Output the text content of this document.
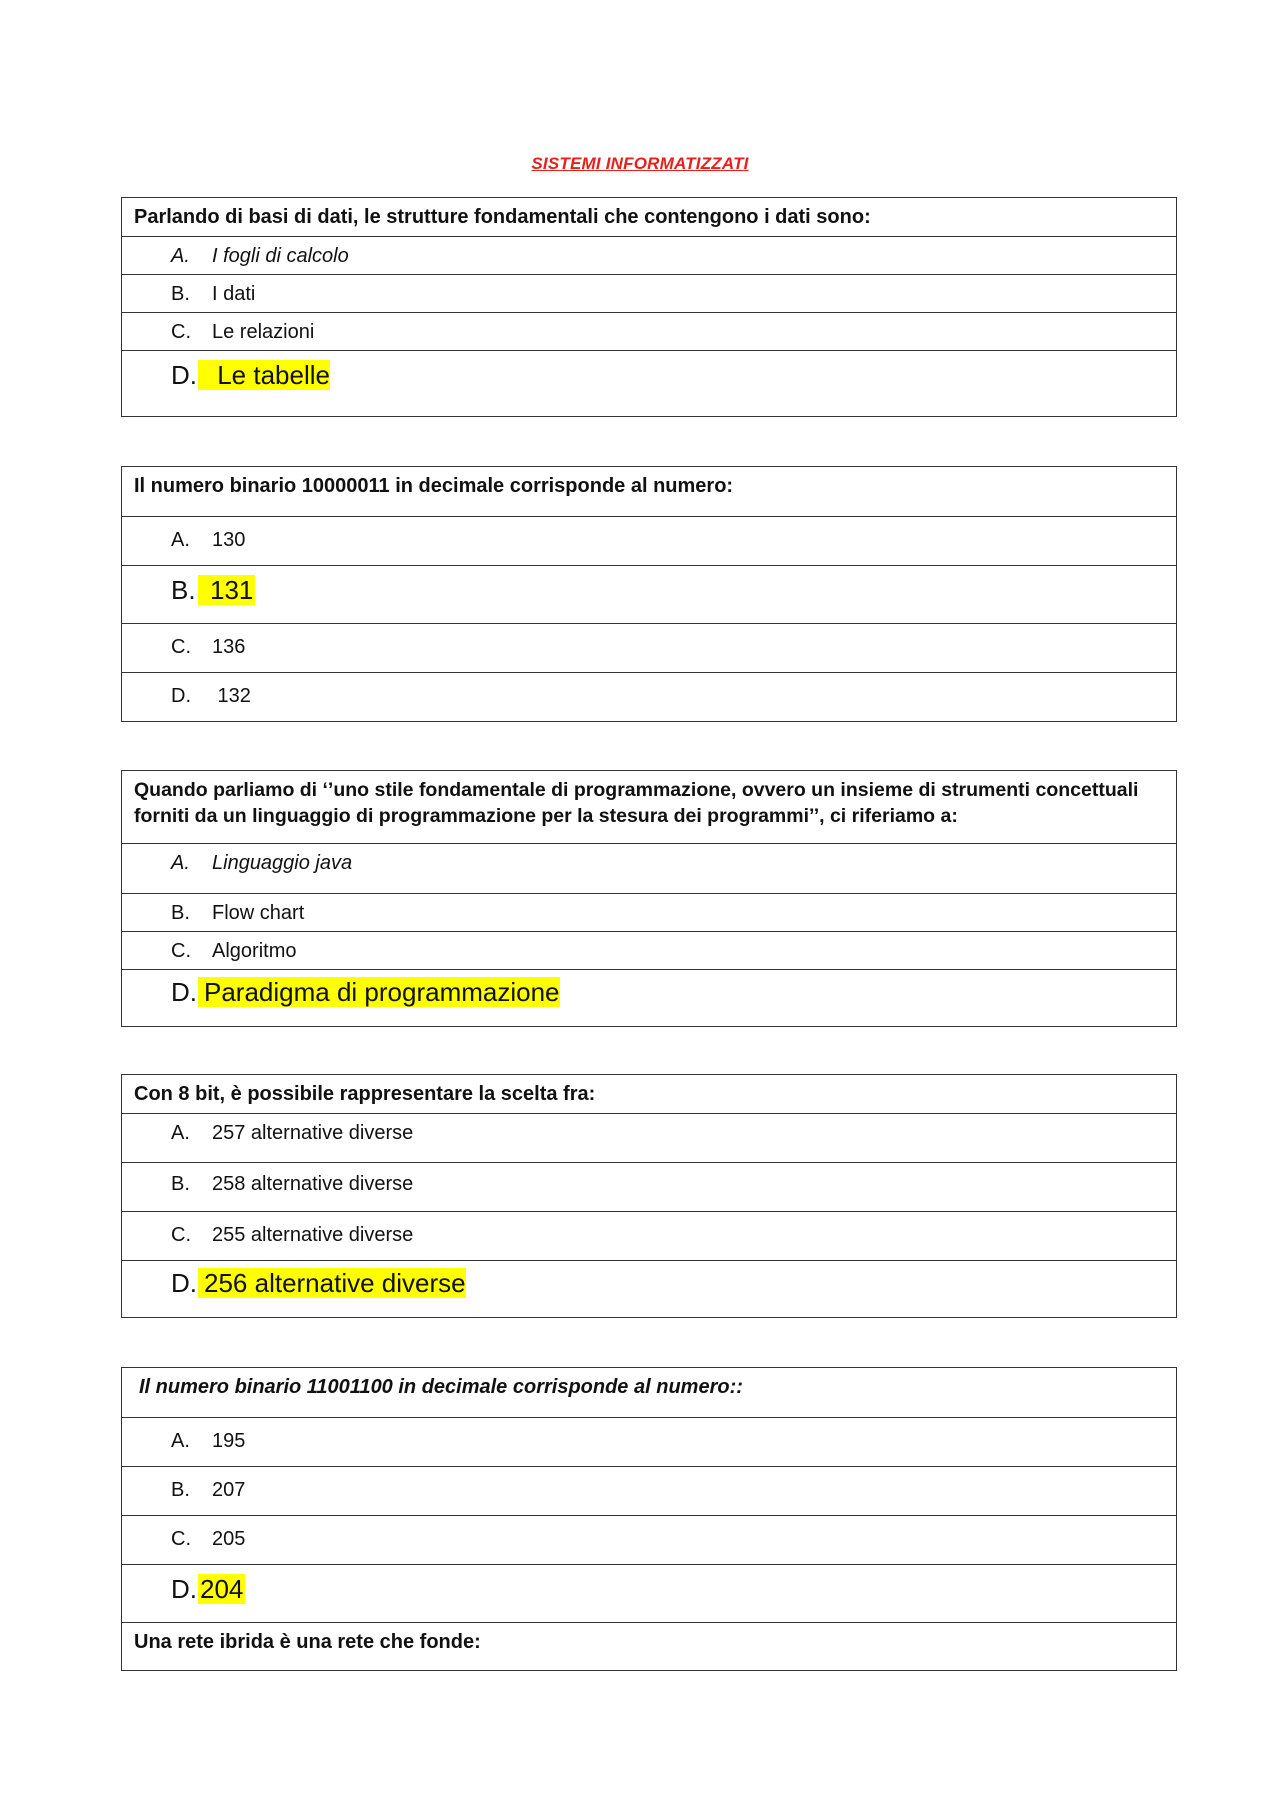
SISTEMI INFORMATIZZATI
Parlando di basi di dati, le strutture fondamentali che contengono i dati sono:
A. I fogli di calcolo
B. I dati
C. Le relazioni
D. Le tabelle
Il numero binario 10000011 in decimale corrisponde al numero:
A. 130
B. 131
C. 136
D. 132
Quando parliamo di ‘’uno stile fondamentale di programmazione, ovvero un insieme di strumenti concettuali forniti da un linguaggio di programmazione per la stesura dei programmi’’, ci riferiamo a:
A. Linguaggio java
B. Flow chart
C. Algoritmo
D. Paradigma di programmazione
Con 8 bit, è possibile rappresentare la scelta fra:
A. 257 alternative diverse
B. 258 alternative diverse
C. 255 alternative diverse
D. 256 alternative diverse
Il numero binario 11001100 in decimale corrisponde al numero::
A. 195
B. 207
C. 205
D. 204
Una rete ibrida è una rete che fonde:
